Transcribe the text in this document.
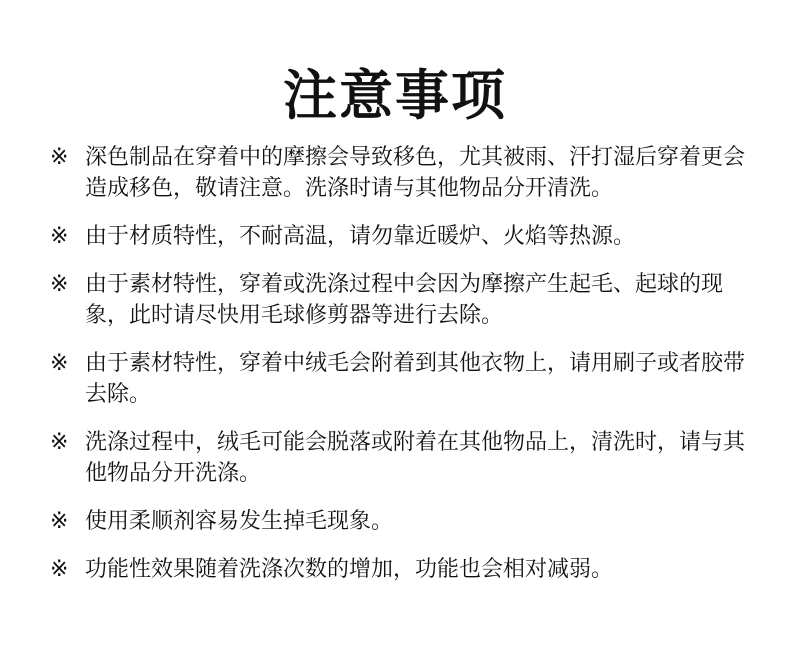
注意事项
※ 深色制品在穿着中的摩擦会导致移色，尤其被雨、汗打湿后穿着更会造成移色，敬请注意。洗涤时请与其他物品分开清洗。
※ 由于材质特性，不耐高温，请勿靠近暖炉、火焰等热源。
※ 由于素材特性，穿着或洗涤过程中会因为摩擦产生起毛、起球的现象，此时请尽快用毛球修剪器等进行去除。
※ 由于素材特性，穿着中绒毛会附着到其他衣物上，请用刷子或者胶带去除。
※ 洗涤过程中，绒毛可能会脱落或附着在其他物品上，清洗时，请与其他物品分开洗涤。
※ 使用柔顺剂容易发生掉毛现象。
※ 功能性效果随着洗涤次数的增加，功能也会相对减弱。
